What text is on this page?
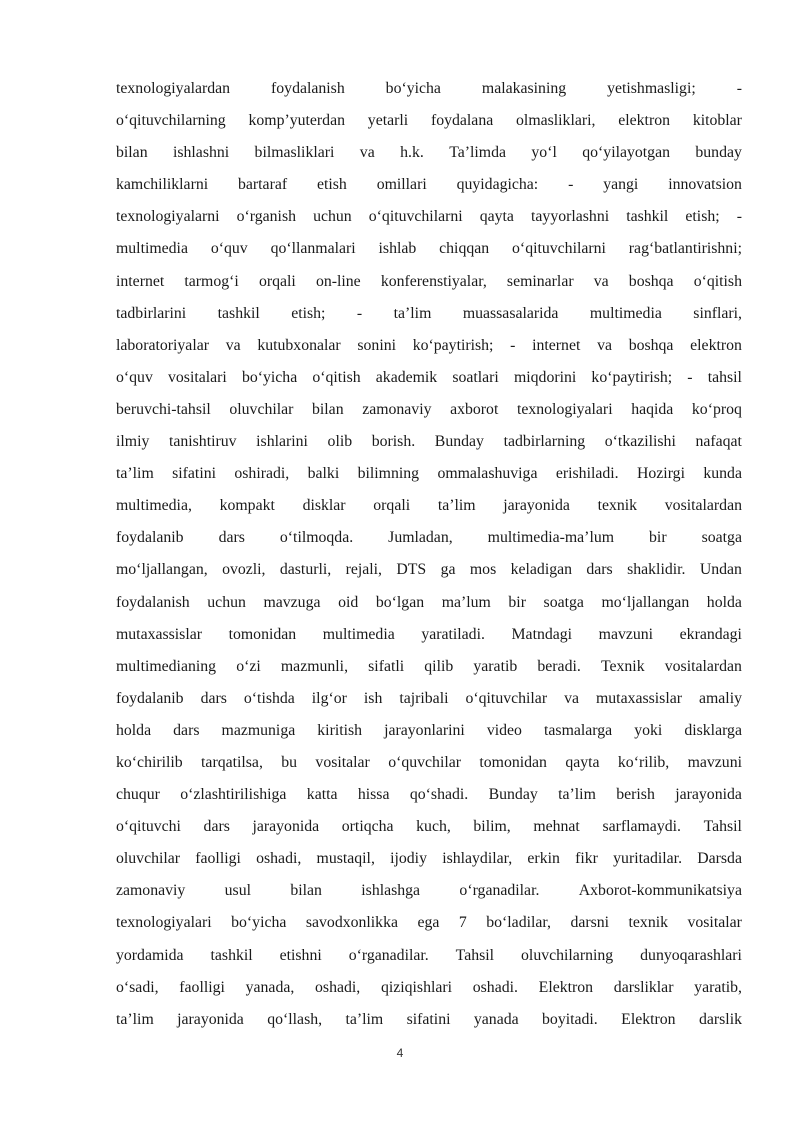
texnologiyalardan	foydalanish	bo‘yicha	malakasining	yetishmasligi;	-
o‘qituvchilarning komp’yuterdan yetarli foydalana olmasliklari, elektron kitoblar
bilan ishlashni bilmasliklari va h.k. Ta’limda yo‘l qo‘yilayotgan bunday
kamchiliklarni bartaraf etish omillari quyidagicha: - yangi innovatsion
texnologiyalarni o‘rganish uchun o‘qituvchilarni qayta tayyorlashni tashkil etish; -
multimedia o‘quv qo‘llanmalari ishlab chiqqan o‘qituvchilarni rag‘batlantirishni;
internet tarmog‘i orqali on-line konferenstiyalar, seminarlar va boshqa o‘qitish
tadbirlarini tashkil etish; - ta’lim muassasalarida multimedia sinflari,
laboratoriyalar va kutubxonalar sonini ko‘paytirish; - internet va boshqa elektron
o‘quv vositalari bo‘yicha o‘qitish akademik soatlari miqdorini ko‘paytirish; - tahsil
beruvchi-tahsil oluvchilar bilan zamonaviy axborot texnologiyalari haqida ko‘proq
ilmiy tanishtiruv ishlarini olib borish. Bunday tadbirlarning o‘tkazilishi nafaqat
ta’lim sifatini oshiradi, balki bilimning ommalashuviga erishiladi. Hozirgi kunda
multimedia, kompakt disklar orqali ta’lim jarayonida texnik vositalardan
foydalanib dars o‘tilmoqda. Jumladan, multimedia-ma’lum bir soatga
mo‘ljallangan, ovozli, dasturli, rejali, DTS ga mos keladigan dars shaklidir. Undan
foydalanish uchun mavzuga oid bo‘lgan ma’lum bir soatga mo‘ljallangan holda
mutaxassislar tomonidan multimedia yaratiladi. Matndagi mavzuni ekrandagi
multimedianing o‘zi mazmunli, sifatli qilib yaratib beradi. Texnik vositalardan
foydalanib dars o‘tishda ilg‘or ish tajribali o‘qituvchilar va mutaxassislar amaliy
holda dars mazmuniga kiritish jarayonlarini video tasmalarga yoki disklarga
ko‘chirilib tarqatilsa, bu vositalar o‘quvchilar tomonidan qayta ko‘rilib, mavzuni
chuqur o‘zlashtirilishiga katta hissa qo‘shadi. Bunday ta’lim berish jarayonida
o‘qituvchi dars jarayonida ortiqcha kuch, bilim, mehnat sarflamaydi. Tahsil
oluvchilar faolligi oshadi, mustaqil, ijodiy ishlaydilar, erkin fikr yuritadilar. Darsda
zamonaviy usul bilan ishlashga o‘rganadilar. Axborot-kommunikatsiya
texnologiyalari bo‘yicha savodxonlikka ega 7 bo‘ladilar, darsni texnik vositalar
yordamida tashkil etishni o‘rganadilar. Tahsil oluvchilarning dunyoqarashlari
o‘sadi, faolligi yanada, oshadi, qiziqishlari oshadi. Elektron darsliklar yaratib,
ta’lim jarayonida qo‘llash, ta’lim sifatini yanada boyitadi. Elektron darslik
4
